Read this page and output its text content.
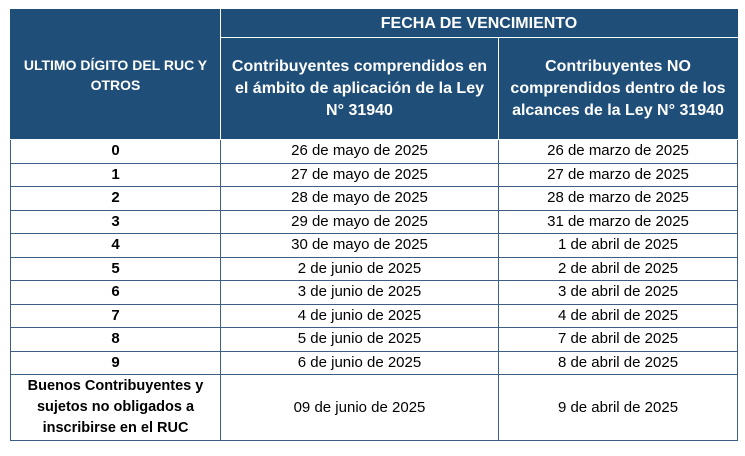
ULTIMO DÍGITO DEL RUC Y OTROS	FECHA DE VENCIMIENTO	
	Contribuyentes comprendidos en el ámbito de aplicación de la Ley N° 31940	Contribuyentes NO comprendidos dentro de los alcances de la Ley N° 31940
0	26 de mayo de 2025	26 de marzo de 2025
1	27 de mayo de 2025	27 de marzo de 2025
2	28 de mayo de 2025	28 de marzo de 2025
3	29 de mayo de 2025	31 de marzo de 2025
4	30 de mayo de 2025	1 de abril de 2025
5	2 de junio de 2025	2 de abril de 2025
6	3 de junio de 2025	3 de abril de 2025
7	4 de junio de 2025	4 de abril de 2025
8	5 de junio de 2025	7 de abril de 2025
9	6 de junio de 2025	8 de abril de 2025
Buenos Contribuyentes y sujetos no obligados a inscribirse en el RUC	09 de junio de 2025	9 de abril de 2025
